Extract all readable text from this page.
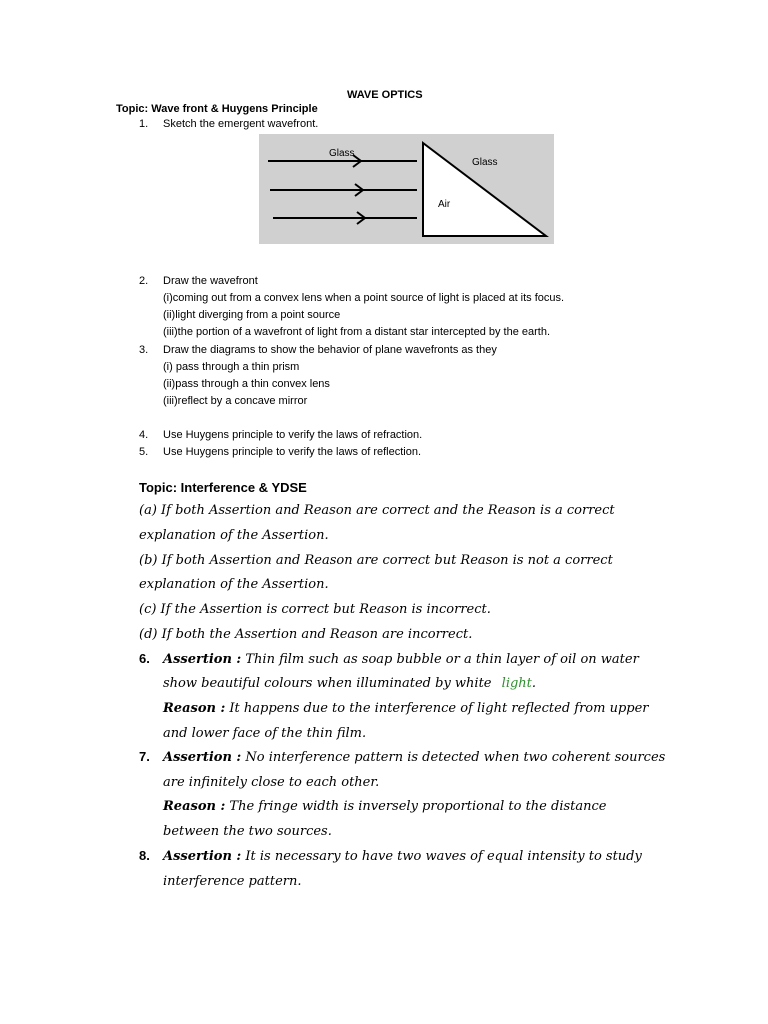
WAVE OPTICS
Topic: Wave front & Huygens Principle
1. Sketch the emergent wavefront.
Glass
Glass
Air
2. Draw the wavefront
(i)coming out from a convex lens when a point source of light is placed at its focus.
(ii)light diverging from a point source
(iii)the portion of a wavefront of light from a distant star intercepted by the earth.
3. Draw the diagrams to show the behavior of plane wavefronts as they
(i) pass through a thin prism
(ii)pass through a thin convex lens
(iii)reflect by a concave mirror
4. Use Huygens principle to verify the laws of refraction.
5. Use Huygens principle to verify the laws of reflection.
Topic: Interference & YDSE
(a) If both Assertion and Reason are correct and the Reason is a correct
explanation of the Assertion.
(b) If both Assertion and Reason are correct but Reason is not a correct
explanation of the Assertion.
(c) If the Assertion is correct but Reason is incorrect.
(d) If both the Assertion and Reason are incorrect.
6. Assertion : Thin film such as soap bubble or a thin layer of oil on water
show beautiful colours when illuminated by white light.
Reason : It happens due to the interference of light reflected from upper
and lower face of the thin film.
7. Assertion : No interference pattern is detected when two coherent sources
are infinitely close to each other.
Reason : The fringe width is inversely proportional to the distance
between the two sources.
8. Assertion : It is necessary to have two waves of equal intensity to study
interference pattern.
